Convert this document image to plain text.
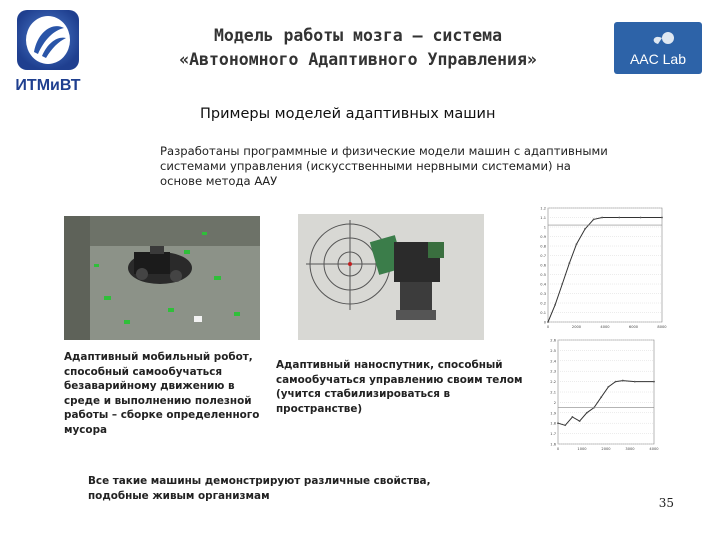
ИТМиВТ
AAC Lab
Модель работы мозга – система
«Автономного Адаптивного Управления»
Примеры моделей адаптивных машин
Разработаны программные и физические модели машин с адаптивными системами управления (искусственными нервными системами) на основе метода ААУ
0
0.1
0.2
0.3
0.4
0.5
0.6
0.7
0.8
0.9
1
1.1
1.2
0	2000	4000	6000	8000
1.6
1.7
1.8
1.9
2
2.1
2.2
2.3
2.4
2.5
2.6
0	1000	2000	3000	4000
Адаптивный мобильный робот, способный самообучаться безаварийному движению в среде и выполнению полезной работы – сборке определенного мусора
Адаптивный наноспутник, способный самообучаться управлению своим телом (учится стабилизироваться в пространстве)
Все такие машины демонстрируют различные свойства, подобные живым организмам
35
